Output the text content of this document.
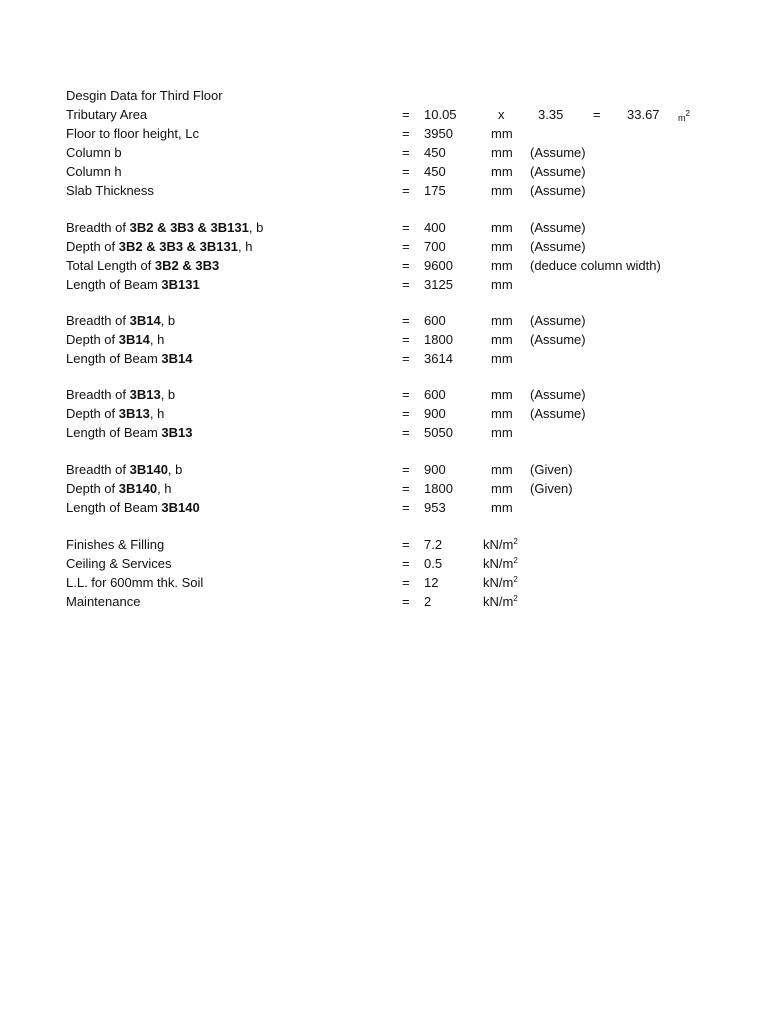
Desgin Data for Third Floor
Tributary Area	= 10.05	x	3.35 = 33.67 $m^2$
Floor to floor height, Lc	= 3950	mm
Column b	= 450	mm (Assume)
Column h	= 450	mm (Assume)
Slab Thickness	= 175	mm (Assume)
Breadth of 3B2 & 3B3 & 3B131, b	= 400	mm (Assume)
Depth of 3B2 & 3B3 & 3B131, h	= 700	mm (Assume)
Total Length of 3B2 & 3B3	= 9600	mm (deduce column width)
Length of Beam 3B131	= 3125	mm
Breadth of 3B14, b	= 600	mm (Assume)
Depth of 3B14, h	= 1800	mm (Assume)
Length of Beam 3B14	= 3614	mm
Breadth of 3B13, b	= 600	mm (Assume)
Depth of 3B13, h	= 900	mm (Assume)
Length of Beam 3B13	= 5050	mm
Breadth of 3B140, b	= 900	mm (Given)
Depth of 3B140, h	= 1800	mm (Given)
Length of Beam 3B140	= 953	mm
Finishes & Filling	= 7.2	$kN/m^2$
Ceiling & Services	= 0.5	$kN/m^2$
L.L. for 600mm thk. Soil	= 12	$kN/m^2$
Maintenance	= 2	$kN/m^2$
